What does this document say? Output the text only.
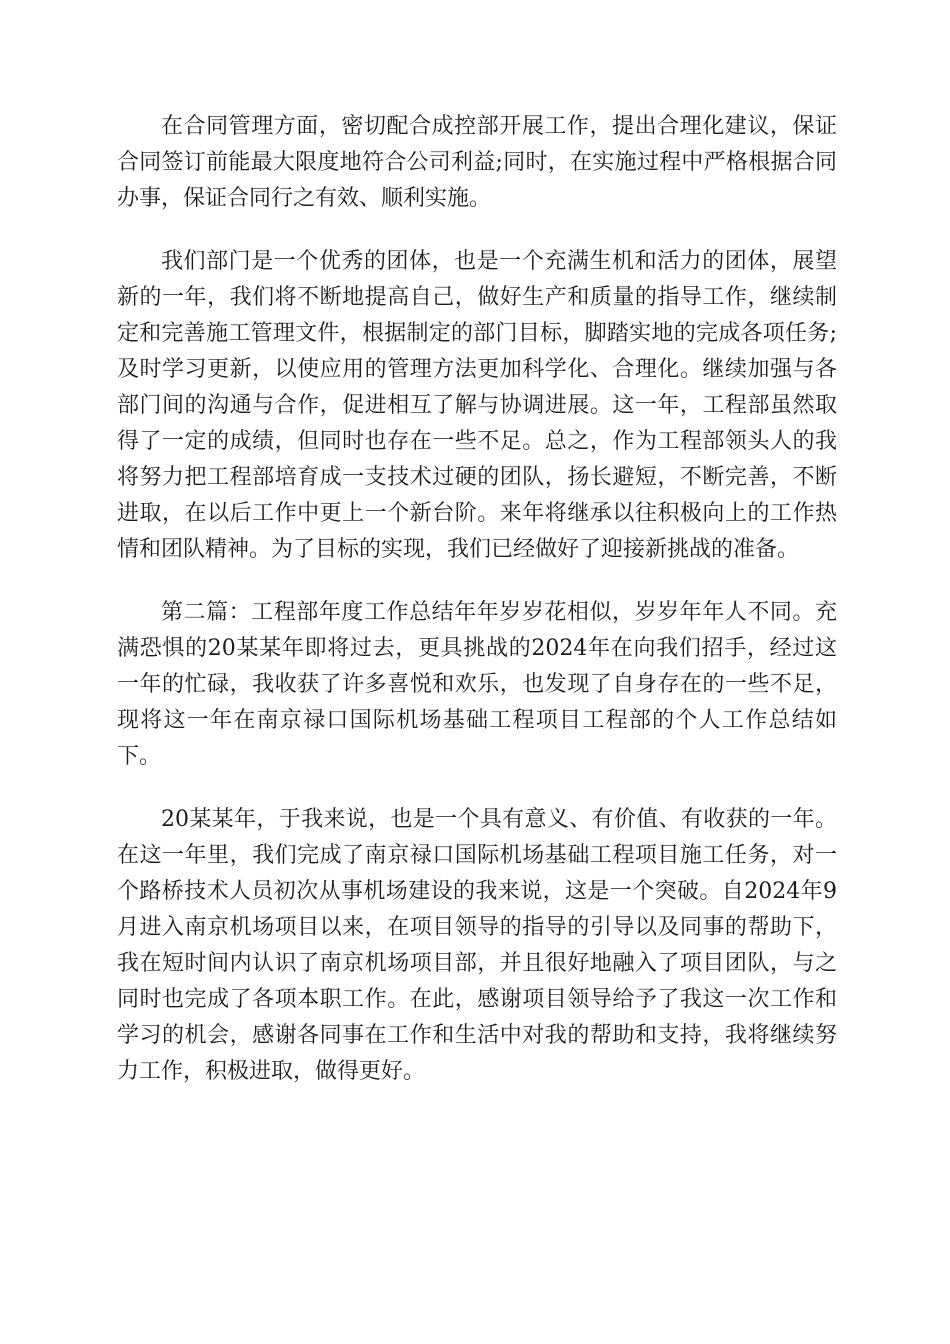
在合同管理方面，密切配合成控部开展工作，提出合理化建议，保证合同签订前能最大限度地符合公司利益;同时，在实施过程中严格根据合同办事，保证合同行之有效、顺利实施。

我们部门是一个优秀的团体，也是一个充满生机和活力的团体，展望新的一年，我们将不断地提高自己，做好生产和质量的指导工作，继续制定和完善施工管理文件，根据制定的部门目标，脚踏实地的完成各项任务;及时学习更新，以使应用的管理方法更加科学化、合理化。继续加强与各部门间的沟通与合作，促进相互了解与协调进展。这一年，工程部虽然取得了一定的成绩，但同时也存在一些不足。总之，作为工程部领头人的我将努力把工程部培育成一支技术过硬的团队，扬长避短，不断完善，不断进取，在以后工作中更上一个新台阶。来年将继承以往积极向上的工作热情和团队精神。为了目标的实现，我们已经做好了迎接新挑战的准备。

第二篇：工程部年度工作总结年年岁岁花相似，岁岁年年人不同。充满恐惧的20某某年即将过去，更具挑战的2024年在向我们招手，经过这一年的忙碌，我收获了许多喜悦和欢乐，也发现了自身存在的一些不足，现将这一年在南京禄口国际机场基础工程项目工程部的个人工作总结如下。

20某某年，于我来说，也是一个具有意义、有价值、有收获的一年。在这一年里，我们完成了南京禄口国际机场基础工程项目施工任务，对一个路桥技术人员初次从事机场建设的我来说，这是一个突破。自2024年9月进入南京机场项目以来，在项目领导的指导的引导以及同事的帮助下，我在短时间内认识了南京机场项目部，并且很好地融入了项目团队，与之同时也完成了各项本职工作。在此，感谢项目领导给予了我这一次工作和学习的机会，感谢各同事在工作和生活中对我的帮助和支持，我将继续努力工作，积极进取，做得更好。
